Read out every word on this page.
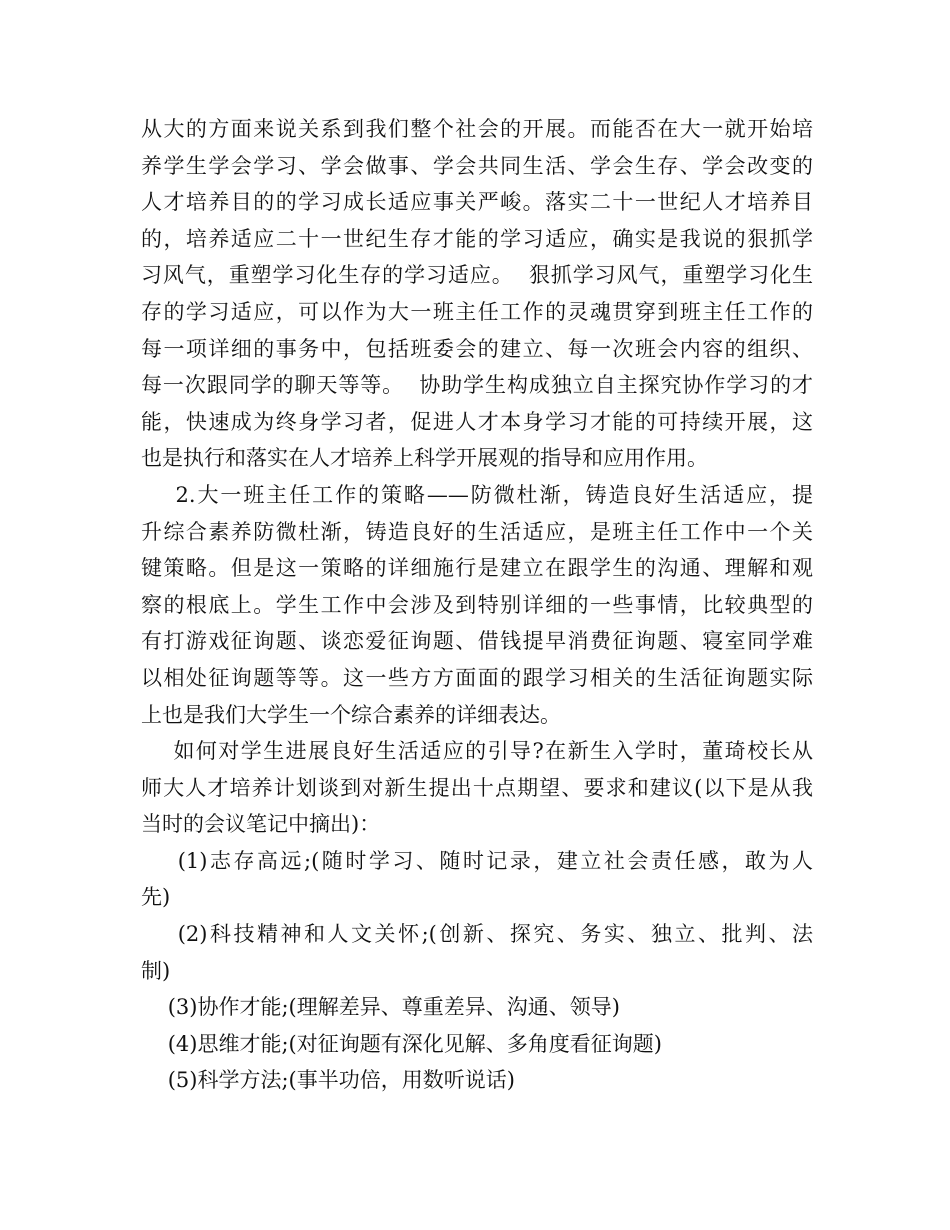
从大的方面来说关系到我们整个社会的开展。而能否在大一就开始培
养学生学会学习、学会做事、学会共同生活、学会生存、学会改变的
人才培养目的的学习成长适应事关严峻。落实二十一世纪人才培养目
的，培养适应二十一世纪生存才能的学习适应，确实是我说的狠抓学
习风气，重塑学习化生存的学习适应。  狠抓学习风气，重塑学习化生
存的学习适应，可以作为大一班主任工作的灵魂贯穿到班主任工作的
每一项详细的事务中，包括班委会的建立、每一次班会内容的组织、
每一次跟同学的聊天等等。  协助学生构成独立自主探究协作学习的才
能，快速成为终身学习者，促进人才本身学习才能的可持续开展，这
也是执行和落实在人才培养上科学开展观的指导和应用作用。
2.大一班主任工作的策略——防微杜渐，铸造良好生活适应，提
升综合素养防微杜渐，铸造良好的生活适应，是班主任工作中一个关
键策略。但是这一策略的详细施行是建立在跟学生的沟通、理解和观
察的根底上。学生工作中会涉及到特别详细的一些事情，比较典型的
有打游戏征询题、谈恋爱征询题、借钱提早消费征询题、寝室同学难
以相处征询题等等。这一些方方面面的跟学习相关的生活征询题实际
上也是我们大学生一个综合素养的详细表达。
如何对学生进展良好生活适应的引导?在新生入学时，董琦校长从
师大人才培养计划谈到对新生提出十点期望、要求和建议(以下是从我
当时的会议笔记中摘出)：
(1)志存高远;(随时学习、随时记录，建立社会责任感，敢为人
先)
(2)科技精神和人文关怀;(创新、探究、务实、独立、批判、法
制)
(3)协作才能;(理解差异、尊重差异、沟通、领导)
(4)思维才能;(对征询题有深化见解、多角度看征询题)
(5)科学方法;(事半功倍，用数听说话)
